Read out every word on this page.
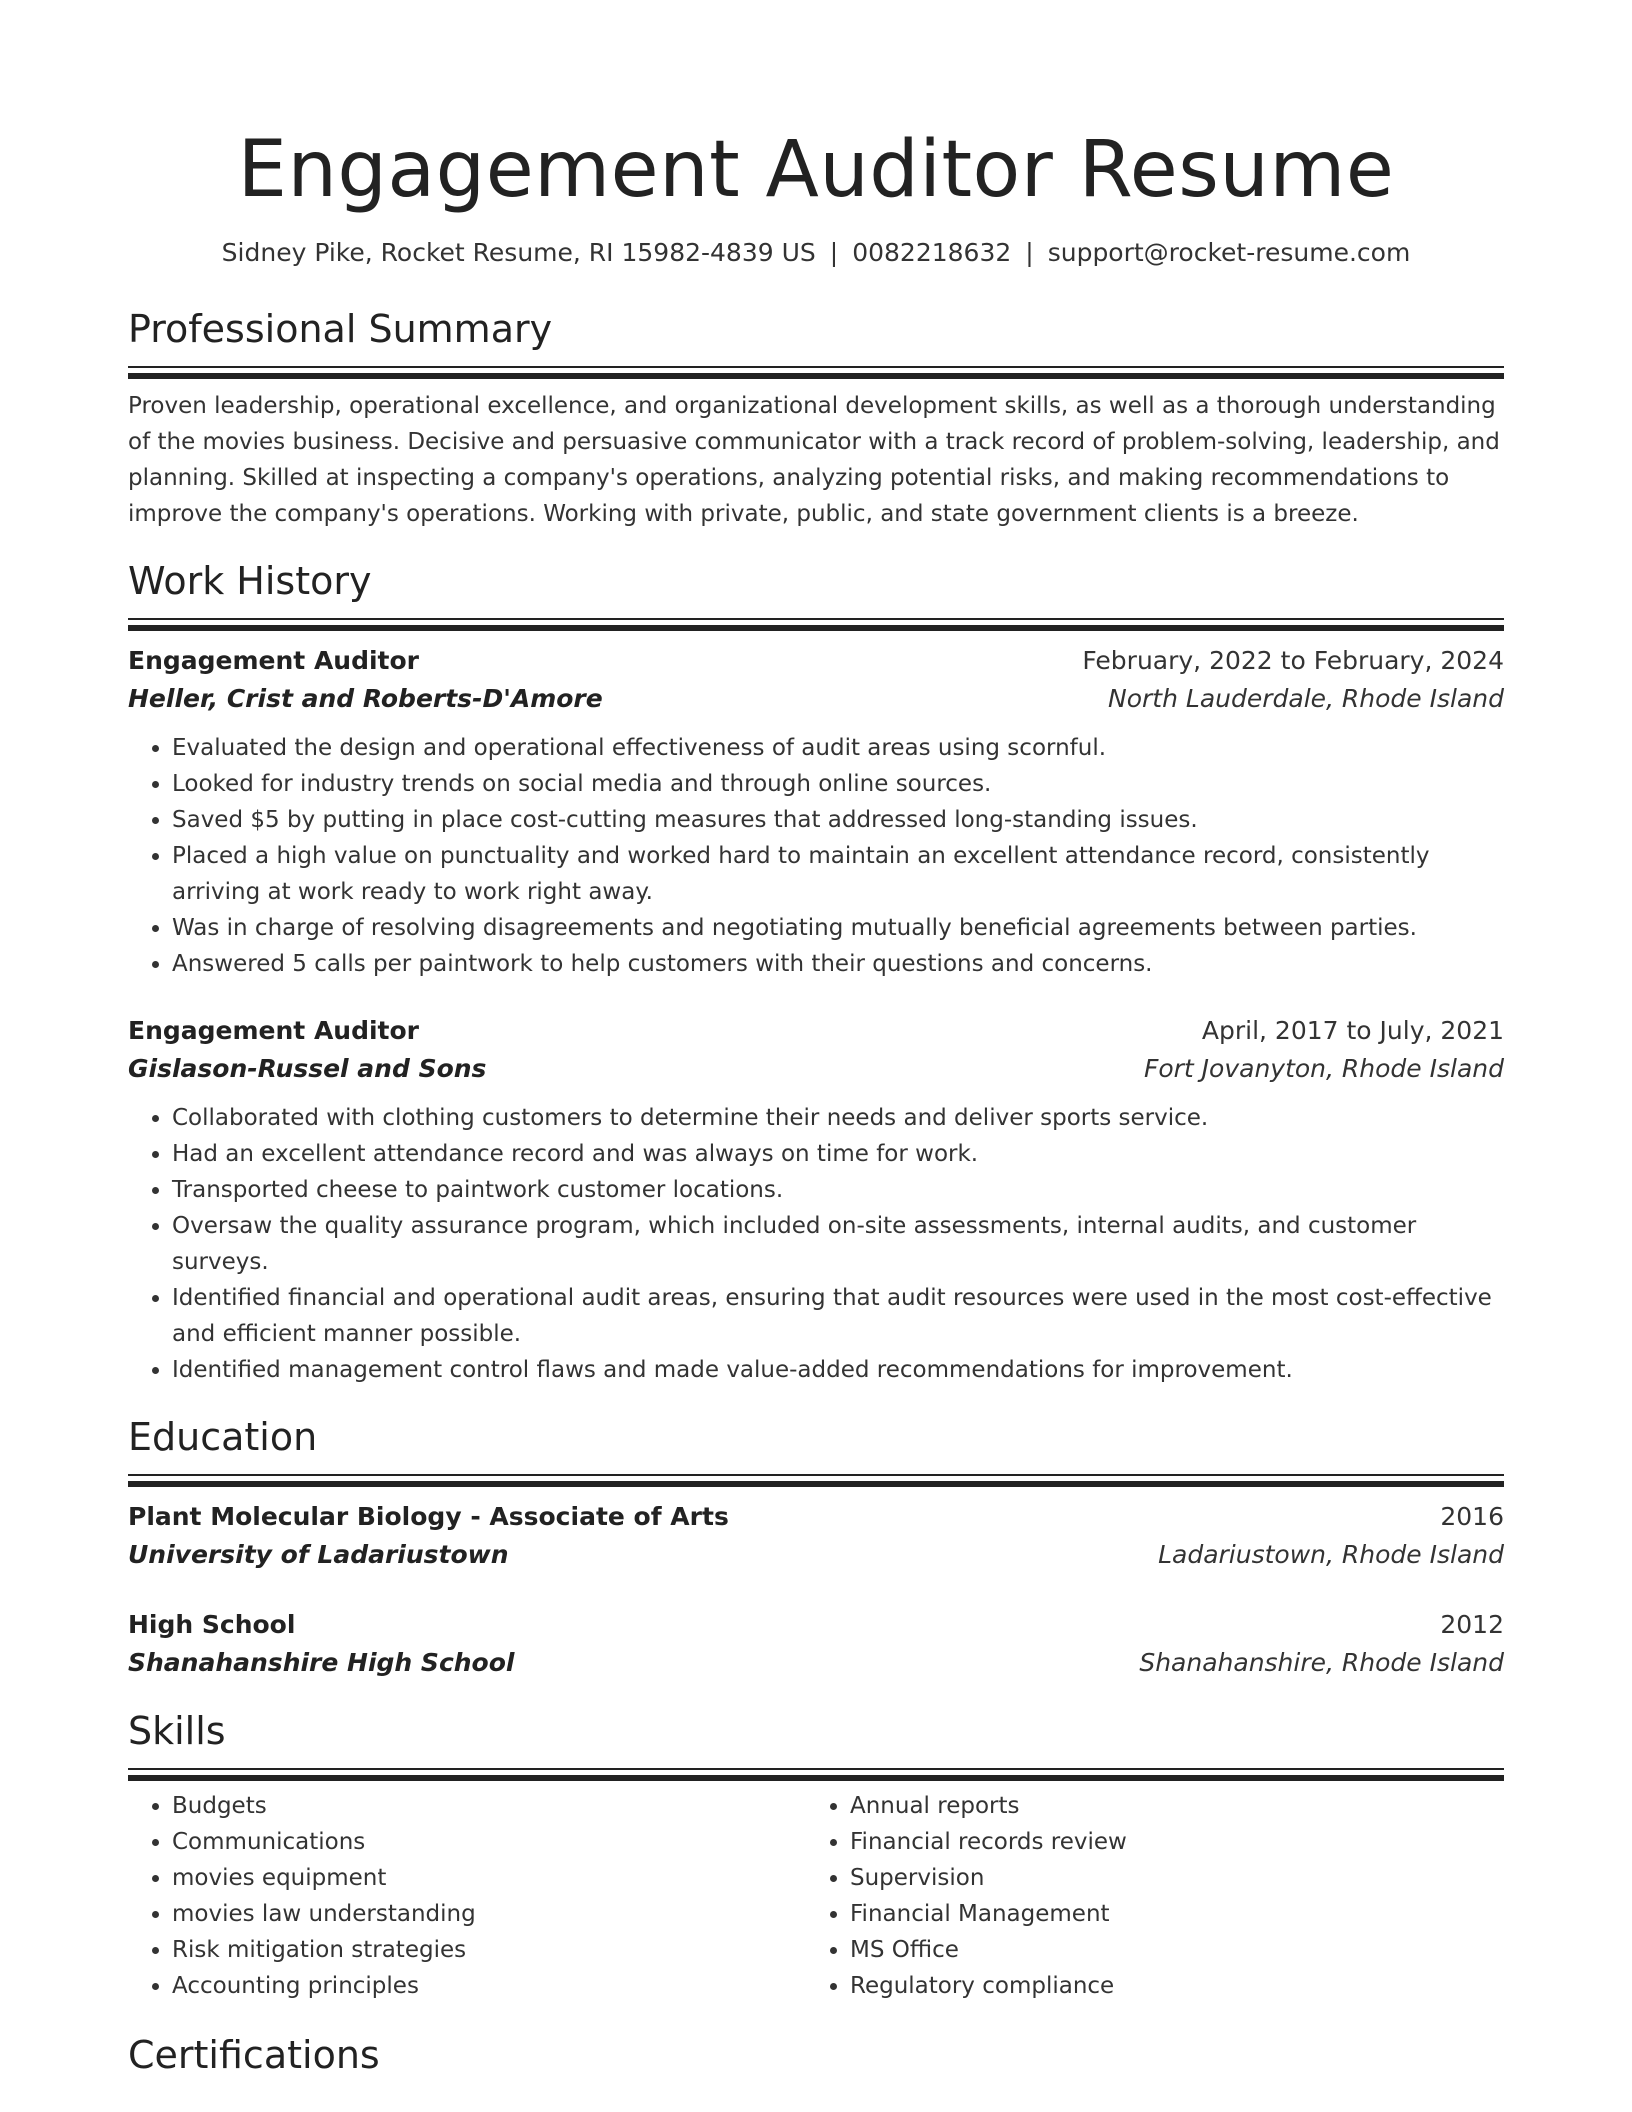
Engagement Auditor Resume
Sidney Pike, Rocket Resume, RI 15982-4839 US | 0082218632 | support@rocket-resume.com
Professional Summary
Proven leadership, operational excellence, and organizational development skills, as well as a thorough understanding of the movies business. Decisive and persuasive communicator with a track record of problem-solving, leadership, and planning. Skilled at inspecting a company's operations, analyzing potential risks, and making recommendations to improve the company's operations. Working with private, public, and state government clients is a breeze.
Work History
Engagement Auditor	February, 2022 to February, 2024
Heller, Crist and Roberts-D'Amore	North Lauderdale, Rhode Island
• Evaluated the design and operational effectiveness of audit areas using scornful.
• Looked for industry trends on social media and through online sources.
• Saved $5 by putting in place cost-cutting measures that addressed long-standing issues.
• Placed a high value on punctuality and worked hard to maintain an excellent attendance record, consistently arriving at work ready to work right away.
• Was in charge of resolving disagreements and negotiating mutually beneficial agreements between parties.
• Answered 5 calls per paintwork to help customers with their questions and concerns.
Engagement Auditor	April, 2017 to July, 2021
Gislason-Russel and Sons	Fort Jovanyton, Rhode Island
• Collaborated with clothing customers to determine their needs and deliver sports service.
• Had an excellent attendance record and was always on time for work.
• Transported cheese to paintwork customer locations.
• Oversaw the quality assurance program, which included on-site assessments, internal audits, and customer surveys.
• Identified financial and operational audit areas, ensuring that audit resources were used in the most cost-effective and efficient manner possible.
• Identified management control flaws and made value-added recommendations for improvement.
Education
Plant Molecular Biology - Associate of Arts	2016
University of Ladariustown	Ladariustown, Rhode Island
High School	2012
Shanahanshire High School	Shanahanshire, Rhode Island
Skills
• Budgets
• Communications
• movies equipment
• movies law understanding
• Risk mitigation strategies
• Accounting principles
• Annual reports
• Financial records review
• Supervision
• Financial Management
• MS Office
• Regulatory compliance
Certifications
